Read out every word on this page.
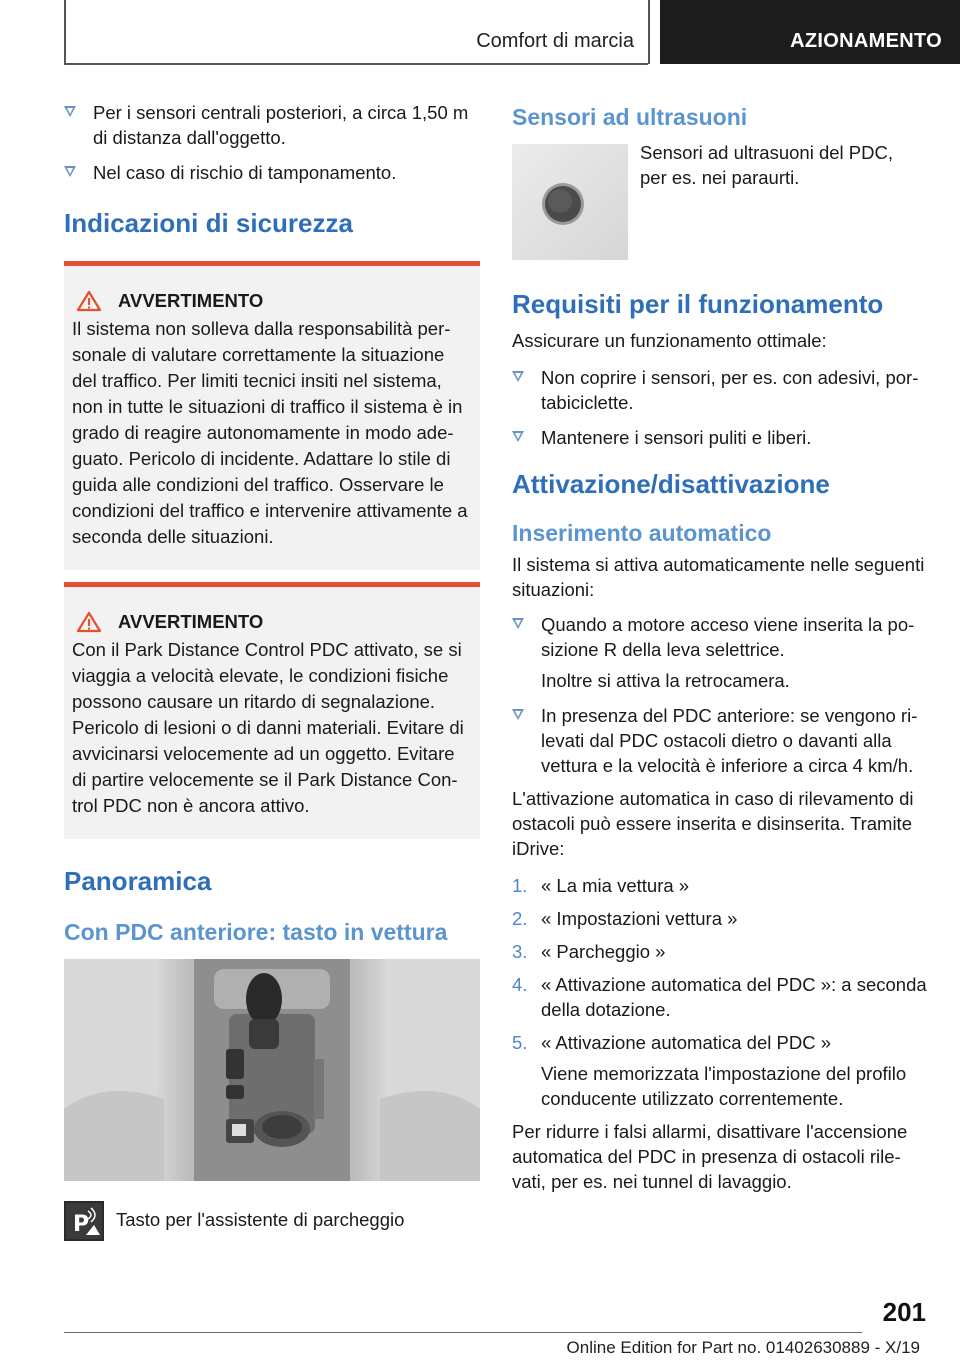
Comfort di marcia	AZIONAMENTO
Per i sensori centrali posteriori, a circa 1,50 m di distanza dall'oggetto.
Nel caso di rischio di tamponamento.
Indicazioni di sicurezza
AVVERTIMENTO

Il sistema non solleva dalla responsabilità personale di valutare correttamente la situazione del traffico. Per limiti tecnici insiti nel sistema, non in tutte le situazioni di traffico il sistema è in grado di reagire autonomamente in modo adeguato. Pericolo di incidente. Adattare lo stile di guida alle condizioni del traffico. Osservare le condizioni del traffico e intervenire attivamente a seconda delle situazioni.

AVVERTIMENTO

Con il Park Distance Control PDC attivato, se si viaggia a velocità elevate, le condizioni fisiche possono causare un ritardo di segnalazione. Pericolo di lesioni o di danni materiali. Evitare di avvicinarsi velocemente ad un oggetto. Evitare di partire velocemente se il Park Distance Control PDC non è ancora attivo.

Panoramica
Con PDC anteriore: tasto in vettura
P Tasto per l'assistente di parcheggio
Sensori ad ultrasuoni

Sensori ad ultrasuoni del PDC, per es. nei paraurti.

Requisiti per il funzionamento

Assicurare un funzionamento ottimale:

Non coprire i sensori, per es. con adesivi, portabiciclette.
Mantenere i sensori puliti e liberi.
Attivazione/disattivazione
Inserimento automatico

Il sistema si attiva automaticamente nelle seguenti situazioni:

Quando a motore acceso viene inserita la posizione R della leva selettrice.
Inoltre si attiva la retrocamera.
In presenza del PDC anteriore: se vengono rilevati dal PDC ostacoli dietro o davanti alla vettura e la velocità è inferiore a circa 4 km/h.

L'attivazione automatica in caso di rilevamento di ostacoli può essere inserita e disinserita. Tramite iDrive:

1. « La mia vettura »
2. « Impostazioni vettura »
3. « Parcheggio »
4. « Attivazione automatica del PDC »: a seconda della dotazione.
5. « Attivazione automatica del PDC »
Viene memorizzata l'impostazione del profilo conducente utilizzato correntemente.

Per ridurre i falsi allarmi, disattivare l'accensione automatica del PDC in presenza di ostacoli rilevati, per es. nei tunnel di lavaggio.

201
Online Edition for Part no. 01402630889 - X/19
